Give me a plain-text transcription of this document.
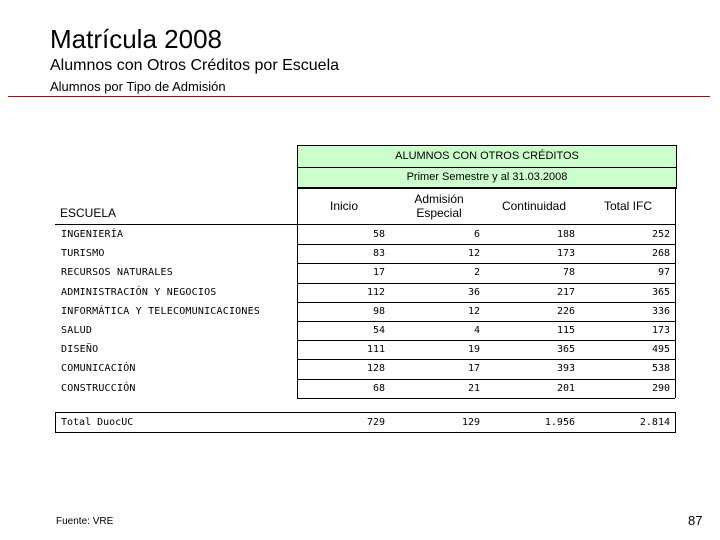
Matrícula 2008
Alumnos con Otros Créditos por Escuela
Alumnos por Tipo de Admisión
ALUMNOS CON OTROS CRÉDITOS
Primer Semestre y al 31.03.2008
ESCUELA	Inicio	Admisión Especial	Continuidad	Total IFC
INGENIERÍA	58	6	188	252
TURISMO	83	12	173	268
RECURSOS NATURALES	17	2	78	97
ADMINISTRACIÓN Y NEGOCIOS	112	36	217	365
INFORMÁTICA Y TELECOMUNICACIONES	98	12	226	336
SALUD	54	4	115	173
DISEÑO	111	19	365	495
COMUNICACIÓN	128	17	393	538
CONSTRUCCIÓN	68	21	201	290
Total DuocUC	729	129	1.956	2.814
Fuente: VRE	87
